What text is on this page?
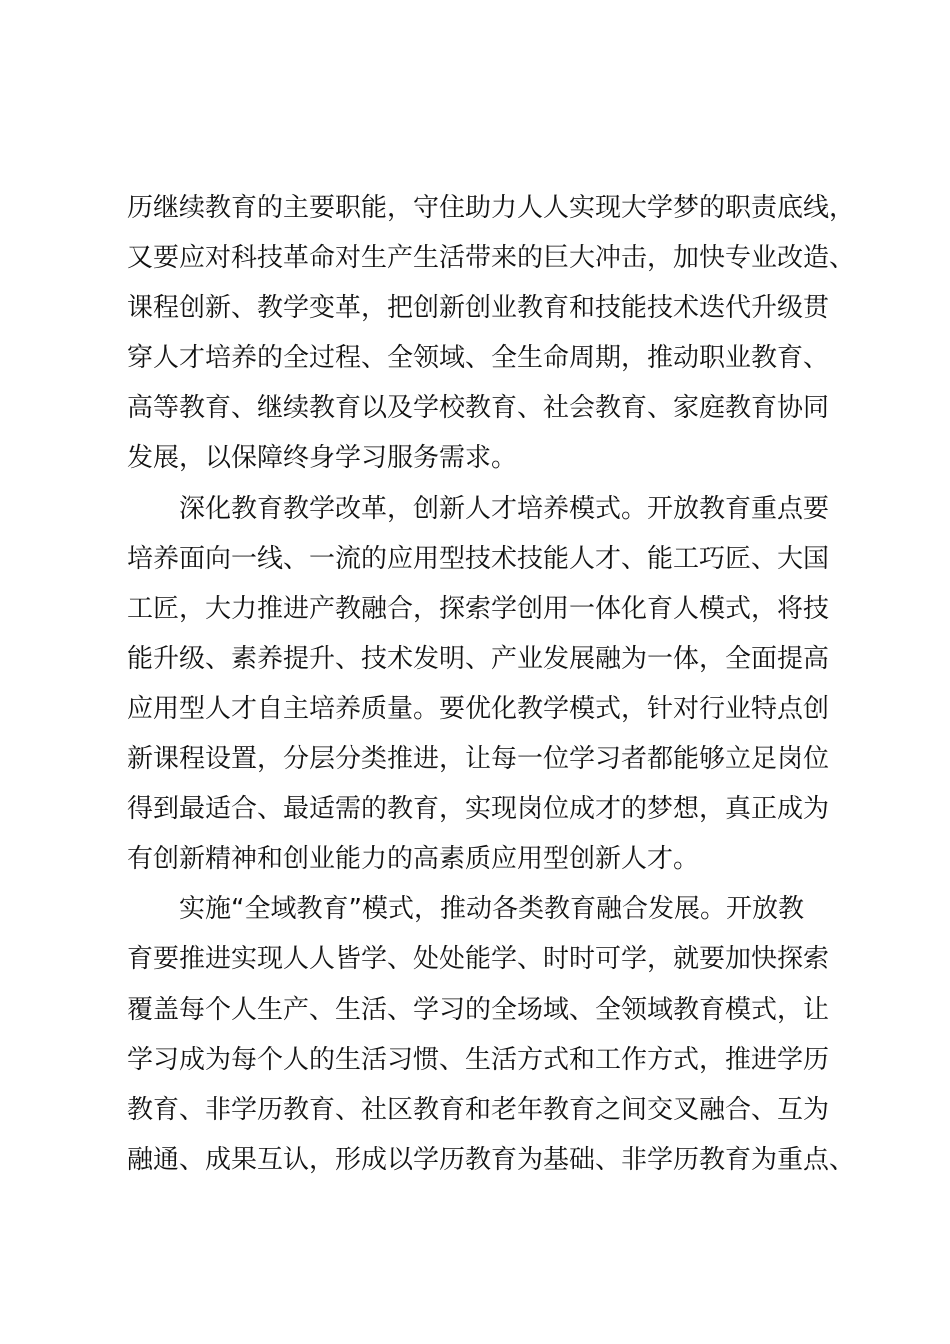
历继续教育的主要职能，守住助力人人实现大学梦的职责底线，
又要应对科技革命对生产生活带来的巨大冲击，加快专业改造、
课程创新、教学变革，把创新创业教育和技能技术迭代升级贯
穿人才培养的全过程、全领域、全生命周期，推动职业教育、
高等教育、继续教育以及学校教育、社会教育、家庭教育协同
发展，以保障终身学习服务需求。
深化教育教学改革，创新人才培养模式。开放教育重点要
培养面向一线、一流的应用型技术技能人才、能工巧匠、大国
工匠，大力推进产教融合，探索学创用一体化育人模式，将技
能升级、素养提升、技术发明、产业发展融为一体，全面提高
应用型人才自主培养质量。要优化教学模式，针对行业特点创
新课程设置，分层分类推进，让每一位学习者都能够立足岗位
得到最适合、最适需的教育，实现岗位成才的梦想，真正成为
有创新精神和创业能力的高素质应用型创新人才。
实施“全域教育”模式，推动各类教育融合发展。开放教
育要推进实现人人皆学、处处能学、时时可学，就要加快探索
覆盖每个人生产、生活、学习的全场域、全领域教育模式，让
学习成为每个人的生活习惯、生活方式和工作方式，推进学历
教育、非学历教育、社区教育和老年教育之间交叉融合、互为
融通、成果互认，形成以学历教育为基础、非学历教育为重点、
